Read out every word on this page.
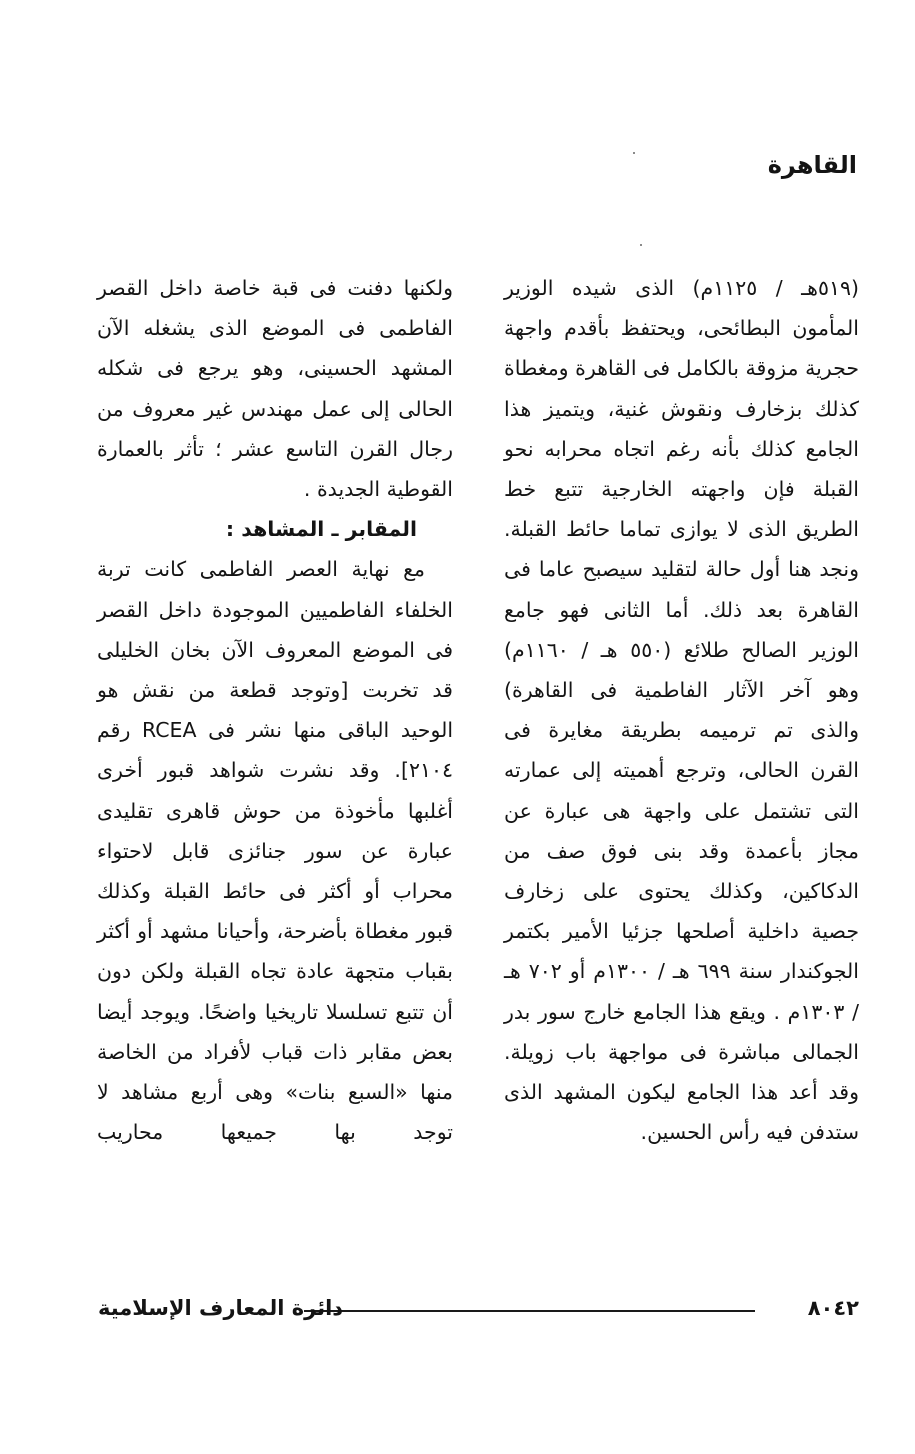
القاهرة

(٥١٩هـ / ١١٢٥م) الذى شيده الوزير المأمون البطائحى، ويحتفظ بأقدم واجهة حجرية مزوقة بالكامل فى القاهرة ومغطاة كذلك بزخارف ونقوش غنية، ويتميز هذا الجامع كذلك بأنه رغم اتجاه محرابه نحو القبلة فإن واجهته الخارجية تتبع خط الطريق الذى لا يوازى تماما حائط القبلة. ونجد هنا أول حالة لتقليد سيصبح عاما فى القاهرة بعد ذلك. أما الثانى فهو جامع الوزير الصالح طلائع (٥٥٠ هـ / ١١٦٠م) وهو آخر الآثار الفاطمية فى القاهرة) والذى تم ترميمه بطريقة مغايرة فى القرن الحالى، وترجع أهميته إلى عمارته التى تشتمل على واجهة هى عبارة عن مجاز بأعمدة وقد بنى فوق صف من الدكاكين، وكذلك يحتوى على زخارف جصية داخلية أصلحها جزئيا الأمير بكتمر الجوكندار سنة ٦٩٩ هـ / ١٣٠٠م أو ٧٠٢ هـ / ١٣٠٣م . ويقع هذا الجامع خارج سور بدر الجمالى مباشرة فى مواجهة باب زويلة. وقد أعد هذا الجامع ليكون المشهد الذى ستدفن فيه رأس الحسين.

ولكنها دفنت فى قبة خاصة داخل القصر الفاطمى فى الموضع الذى يشغله الآن المشهد الحسينى، وهو يرجع فى شكله الحالى إلى عمل مهندس غير معروف من رجال القرن التاسع عشر ؛ تأثر بالعمارة القوطية الجديدة .

المقابر ـ المشاهد :

مع نهاية العصر الفاطمى كانت تربة الخلفاء الفاطميين الموجودة داخل القصر فى الموضع المعروف الآن بخان الخليلى قد تخربت [وتوجد قطعة من نقش هو الوحيد الباقى منها نشر فى RCEA رقم ٢١٠٤]. وقد نشرت شواهد قبور أخرى أغلبها مأخوذة من حوش قاهرى تقليدى عبارة عن سور جنائزى قابل لاحتواء محراب أو أكثر فى حائط القبلة وكذلك قبور مغطاة بأضرحة، وأحيانا مشهد أو أكثر بقباب متجهة عادة تجاه القبلة ولكن دون أن تتبع تسلسلا تاريخيا واضحًا. ويوجد أيضا بعض مقابر ذات قباب لأفراد من الخاصة منها «السبع بنات» وهى أربع مشاهد لا توجد بها جميعها محاريب

٨٠٤٢
دائرة المعارف الإسلامية
